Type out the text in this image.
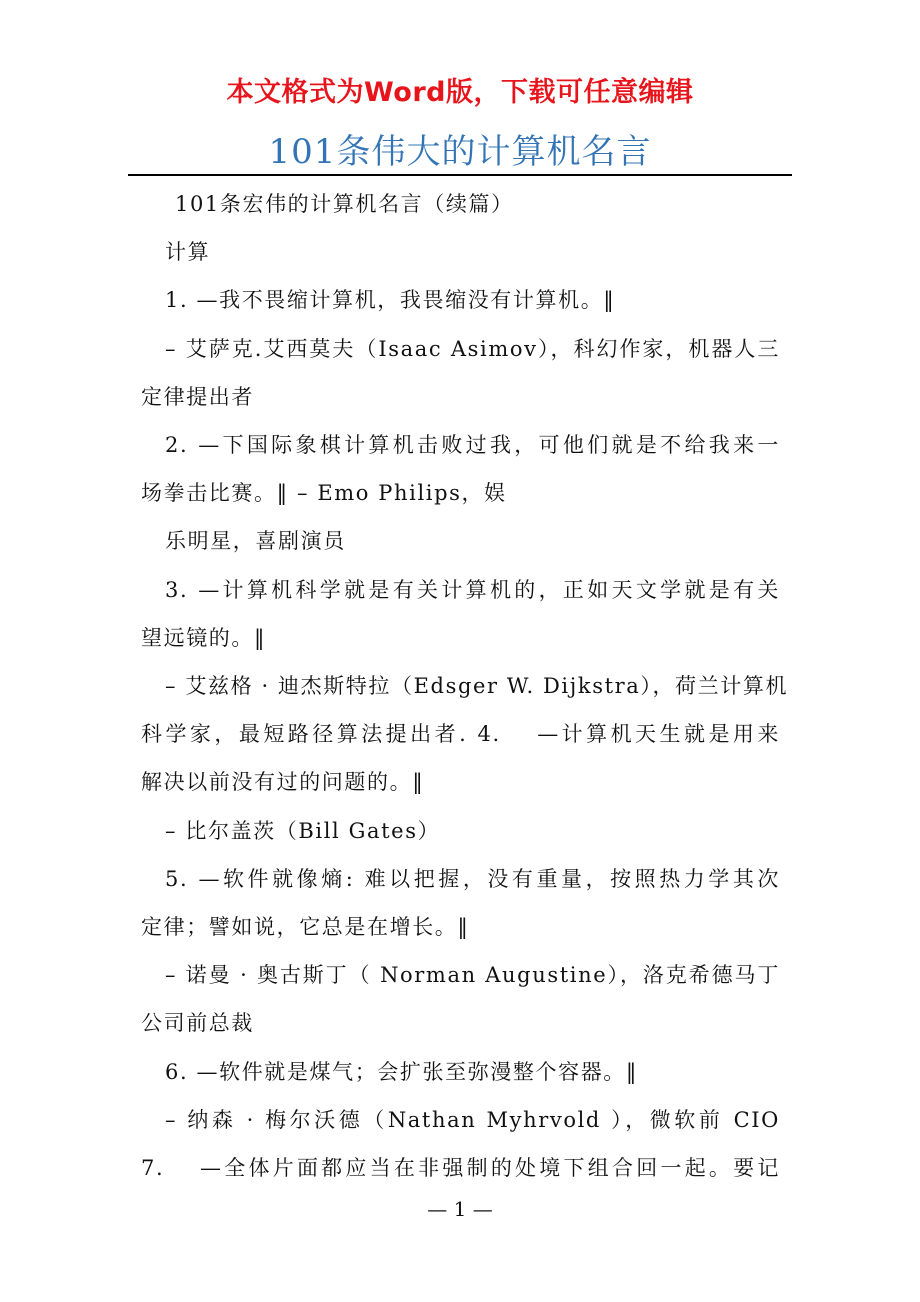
本文格式为Word版，下载可任意编辑
101条伟大的计算机名言
101条宏伟的计算机名言（续篇）
计算
1. —我不畏缩计算机，我畏缩没有计算机。‖
– 艾萨克.艾西莫夫（Isaac Asimov），科幻作家，机器人三
定律提出者
2. —下国际象棋计算机击败过我，可他们就是不给我来一
场拳击比赛。‖ – Emo Philips，娱
乐明星，喜剧演员
3. —计算机科学就是有关计算机的，正如天文学就是有关
望远镜的。‖
– 艾兹格 · 迪杰斯特拉（Edsger W. Dijkstra），荷兰计算机
科学家，最短路径算法提出者. 4.　 —计算机天生就是用来
解决以前没有过的问题的。‖
– 比尔盖茨（Bill Gates）
5. —软件就像熵: 难以把握，没有重量，按照热力学其次
定律；譬如说，它总是在增长。‖
– 诺曼 · 奥古斯丁（ Norman Augustine），洛克希德马丁
公司前总裁
6. —软件就是煤气；会扩张至弥漫整个容器。‖
– 纳森 · 梅尔沃德（Nathan Myhrvold ），微软前 CIO
7.　 —全体片面都应当在非强制的处境下组合回一起。要记
— 1 —
